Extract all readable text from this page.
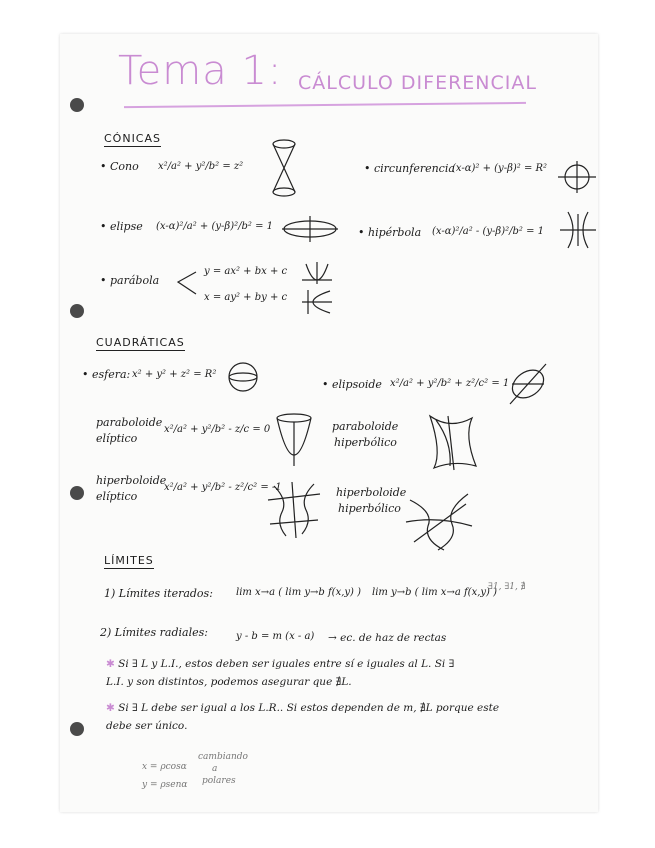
Tema 1: CÁLCULO DIFERENCIAL
CÓNICAS
• Cono x²/a² + y²/b² = z²	• circunferencia
(x-α)² + (y-β)² = R²
• elipse (x-α)²/a² + (y-β)²/b² = 1	• hipérbola (x-α)²/a² - (y-β)²/b² = 1
• parábola
y = ax² + bx + c
x = ay² + by + c
CUADRÁTICAS
• esfera: x² + y² + z² = R²
• elipsoide x²/a² + y²/b² + z²/c² = 1
paraboloide
elíptico
x²/a² + y²/b² - z/c = 0	paraboloide
hiperbólico
hiperboloide
elíptico
x²/a² + y²/b² - z²/c² = -1	hiperboloide
hiperbólico
LÍMITES
1) Límites iterados: lim x→a ( lim y→b f(x,y) ) lim y→b ( lim x→a f(x,y) )
∃1, ∃1, ∄
2) Límites radiales:	y - b = m (x - a) → ec. de haz de rectas
✱ Si ∃ L y L.I., estos deben ser iguales entre sí e iguales al L. Si ∃
L.I. y son distintos, podemos asegurar que ∄L.
✱ Si ∃ L debe ser igual a los L.R.. Si estos dependen de m, ∄L porque este
debe ser único.
x = ρcosα
y = ρsenα
cambiando
a
polares
